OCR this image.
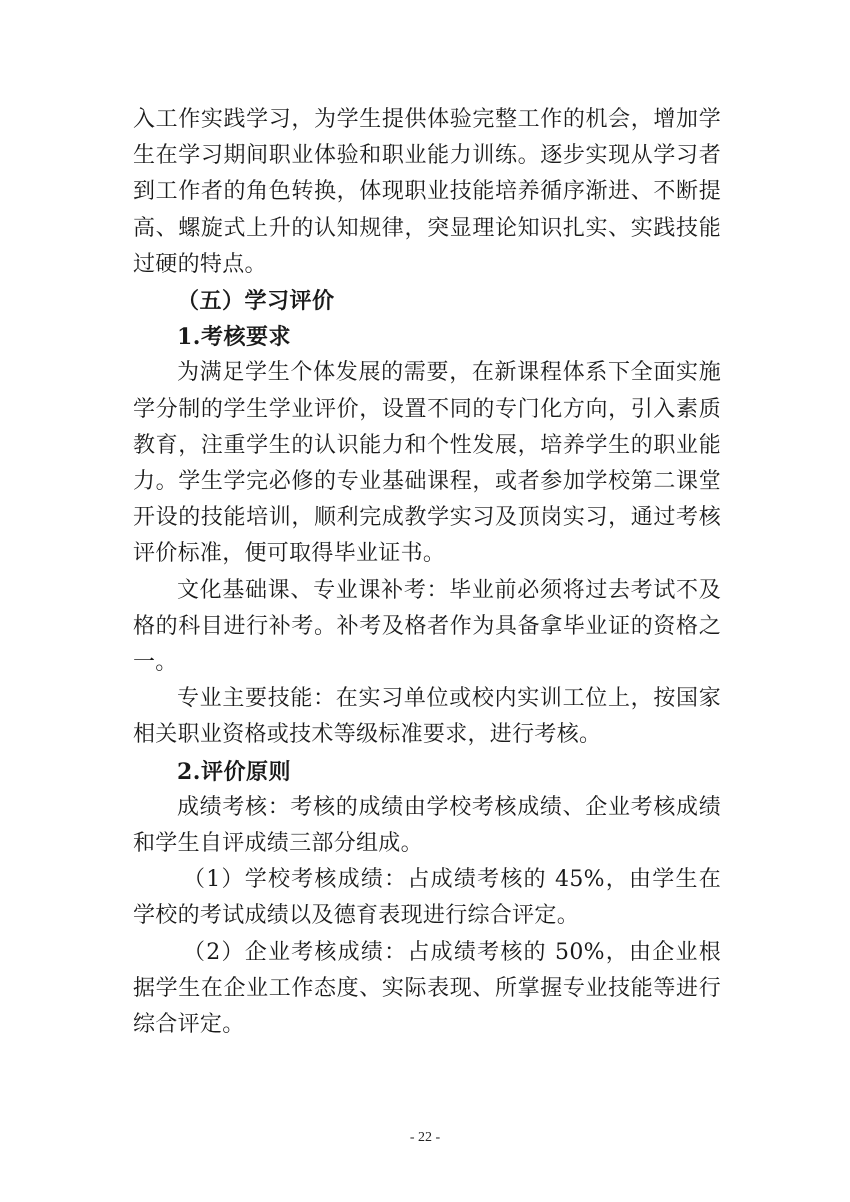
入工作实践学习，为学生提供体验完整工作的机会，增加学生在学习期间职业体验和职业能力训练。逐步实现从学习者到工作者的角色转换，体现职业技能培养循序渐进、不断提高、螺旋式上升的认知规律，突显理论知识扎实、实践技能过硬的特点。

（五）学习评价

1.考核要求

为满足学生个体发展的需要，在新课程体系下全面实施学分制的学生学业评价，设置不同的专门化方向，引入素质教育，注重学生的认识能力和个性发展，培养学生的职业能力。学生学完必修的专业基础课程，或者参加学校第二课堂开设的技能培训，顺利完成教学实习及顶岗实习，通过考核评价标准，便可取得毕业证书。

文化基础课、专业课补考：毕业前必须将过去考试不及格的科目进行补考。补考及格者作为具备拿毕业证的资格之一。

专业主要技能：在实习单位或校内实训工位上，按国家相关职业资格或技术等级标准要求，进行考核。

2.评价原则

成绩考核：考核的成绩由学校考核成绩、企业考核成绩和学生自评成绩三部分组成。

（1）学校考核成绩：占成绩考核的 45%，由学生在学校的考试成绩以及德育表现进行综合评定。

（2）企业考核成绩：占成绩考核的 50%，由企业根据学生在企业工作态度、实际表现、所掌握专业技能等进行综合评定。

- 22 -
